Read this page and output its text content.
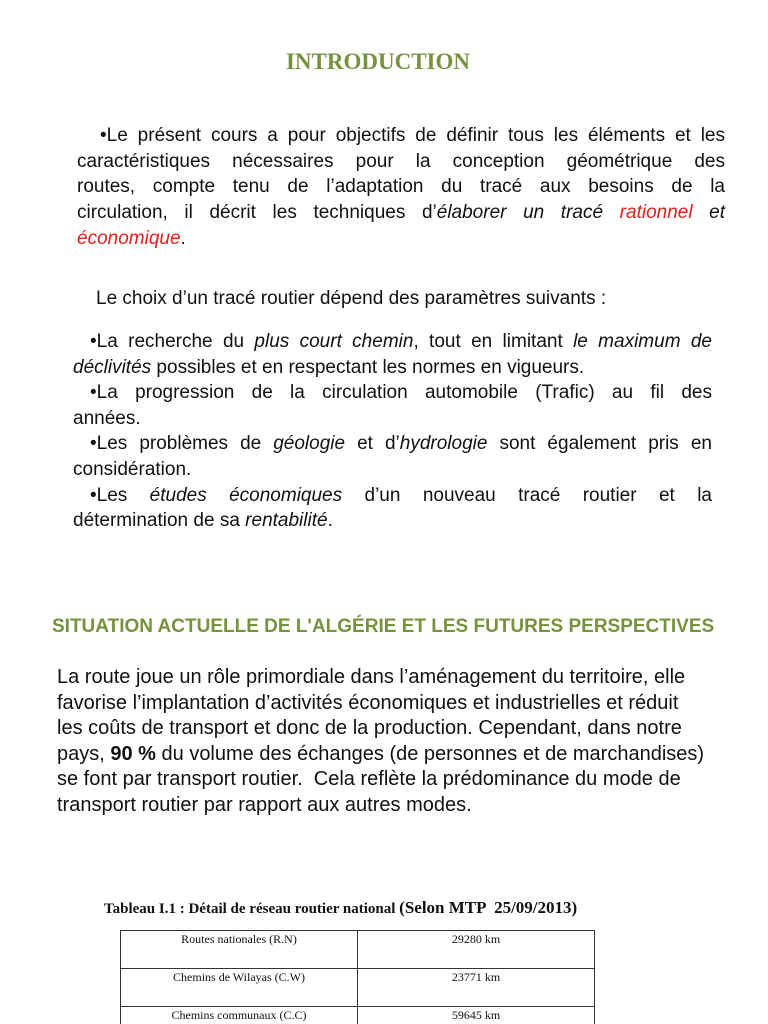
INTRODUCTION
•Le présent cours a pour objectifs de définir tous les éléments et les
caractéristiques nécessaires pour la conception géométrique des
routes, compte tenu de l’adaptation du tracé aux besoins de la
circulation, il décrit les techniques d’élaborer un tracé rationnel et
économique.
Le choix d’un tracé routier dépend des paramètres suivants :
•La recherche du plus court chemin, tout en limitant le maximum de
déclivités possibles et en respectant les normes en vigueurs.
•La progression de la circulation automobile (Trafic) au fil des
années.
•Les problèmes de géologie et d’hydrologie sont également pris en
considération.
•Les études économiques d’un nouveau tracé routier et la
détermination de sa rentabilité.
SITUATION ACTUELLE DE L'ALGÉRIE ET LES FUTURES PERSPECTIVES
La route joue un rôle primordiale dans l’aménagement du territoire, elle
favorise l’implantation d’activités économiques et industrielles et réduit
les coûts de transport et donc de la production. Cependant, dans notre
pays, 90 % du volume des échanges (de personnes et de marchandises)
se font par transport routier.  Cela reflète la prédominance du mode de
transport routier par rapport aux autres modes.
Tableau I.1 : Détail de réseau routier national (Selon MTP  25/09/2013)
Routes nationales (R.N)	29280 km
Chemins de Wilayas (C.W)	23771 km
Chemins communaux (C.C)	59645 km
